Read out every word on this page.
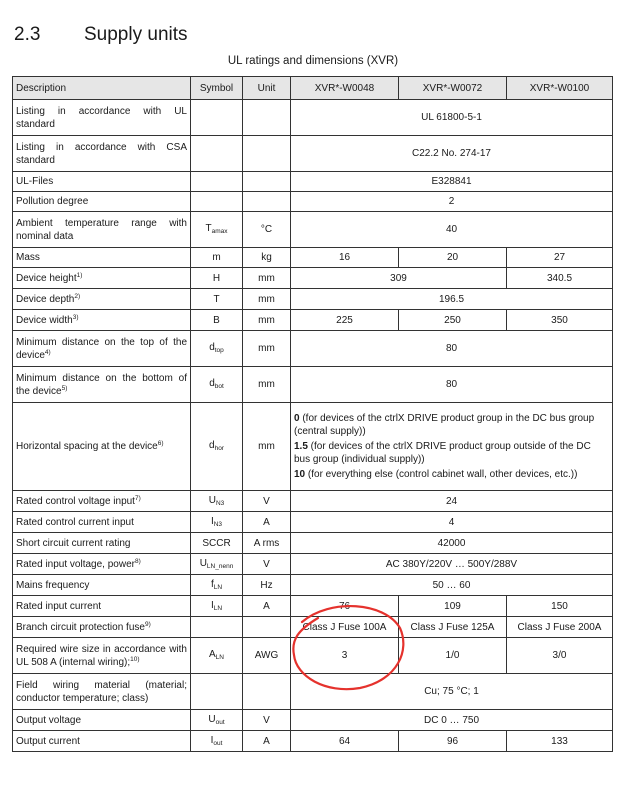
2.3 Supply units
UL ratings and dimensions (XVR)
Description	Symbol	Unit	XVR*-W0048	XVR*-W0072	XVR*-W0100
Listing in accordance with UL standard			UL 61800-5-1		
Listing in accordance with CSA standard			C22.2 No. 274-17		
UL-Files			E328841		
Pollution degree			2		
Ambient temperature range with nominal data	$T_{amax}$	°C	40		
Mass	m	kg	16	20	27
Device height$^{1)}$	H	mm	309		340.5
Device depth$^{2)}$	T	mm	196.5		
Device width$^{3)}$	B	mm	225	250	350
Minimum distance on the top of the device$^{4)}$	$d_{top}$	mm	80		
Minimum distance on the bottom of the device$^{5)}$	$d_{bot}$	mm	80		
Horizontal spacing at the device$^{6)}$	$d_{hor}$	mm	0 (for devices of the ctrlX DRIVE product group in the DC bus group (central supply))

1.5 (for devices of the ctrlX DRIVE product group outside of the DC bus group (individual supply))

10 (for everything else (control cabinet wall, other devices, etc.))		

Rated control voltage input$^{7)}$	$U_{N3}$	V	24		
Rated control current input	$I_{N3}$	A	4		
Short circuit current rating	SCCR	A rms	42000		
Rated input voltage, power$^{8)}$	$U_{LN\_nenn}$	V	AC 380Y/220V … 500Y/288V		
Mains frequency	$f_{LN}$	Hz	50 … 60		
Rated input current	$I_{LN}$	A	76	109	150
Branch circuit protection fuse$^{9)}$			Class J Fuse 100A	Class J Fuse 125A	Class J Fuse 200A
Required wire size in accordance with UL 508 A (internal wiring);$^{10)}$	$A_{LN}$	AWG	3	1/0	3/0
Field wiring material (material; conductor temperature; class)			Cu; 75 °C; 1		
Output voltage	$U_{out}$	V	DC 0 … 750		
Output current	$I_{out}$	A	64	96	133
